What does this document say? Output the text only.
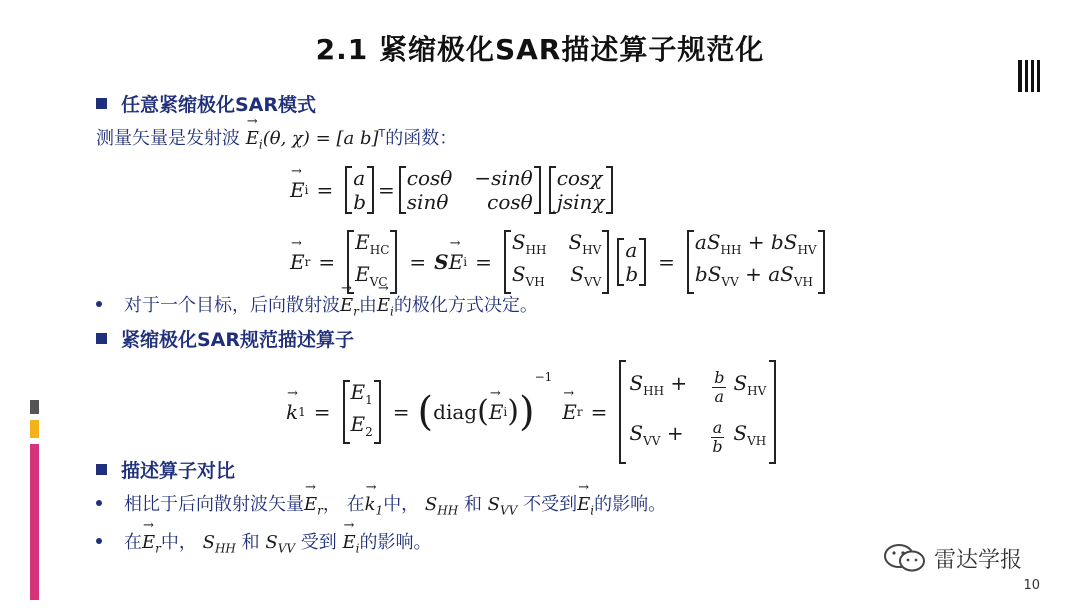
2.1 紧缩极化SAR描述算子规范化
任意紧缩极化SAR模式
测量矢量是发射波 → $E_i(\theta$, χ) = [a b]$^T$的函数：
→ E i = a
b = cosθ −sinθ
sinθ cosθ
cosχ
jsinχ
→ E r =
$E_{HC}$
$E_{VC}$
= S → E i =
$S_{HH}$ $S_{HV}$
$S_{VH}$ $S_{VV}$
a
b =
$aS_{HH} + bS_{HV}$
$bS_{VV} + aS_{VH}$
对于一个目标，后向散射波→ $E_r$由→ $E_i$的极化方式决定。
紧缩极化SAR规范描述算子
→ k 1 =
$E_1$
$E_2$
= ( diag ( → E i ) )
−1
→ E r =
$S_{HH} + \frac{b}{a} S_{HV}$
$S_{VV} + \frac{a}{b} S_{VH}$
描述算子对比
相比于后向散射波矢量→ $E_r$， 在→ $k_1$中， $S_{HH}$ 和 $S_{VV}$ 不受到→ $E_i$的影响。
在→ $E_r$中， $S_{HH}$ 和 $S_{VV}$ 受到 → $E_i$的影响。
雷达学报
10
